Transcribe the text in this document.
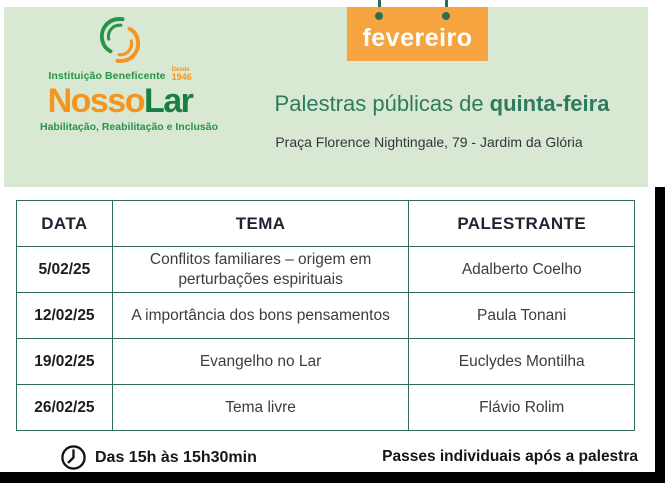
Instituição Beneficente Desde
1946
NossoLar
Habilitação, Reabilitação e Inclusão
Palestras públicas de quinta-feira
Praça Florence Nightingale, 79 - Jardim da Glória
fevereiro
DATA	TEMA	PALESTRANTE
5/02/25	Conflitos familiares – origem em perturbações espirituais	Adalberto Coelho
12/02/25	A importância dos bons pensamentos	Paula Tonani
19/02/25	Evangelho no Lar	Euclydes Montilha
26/02/25	Tema livre	Flávio Rolim
Das 15h às 15h30min	Passes individuais após a palestra
